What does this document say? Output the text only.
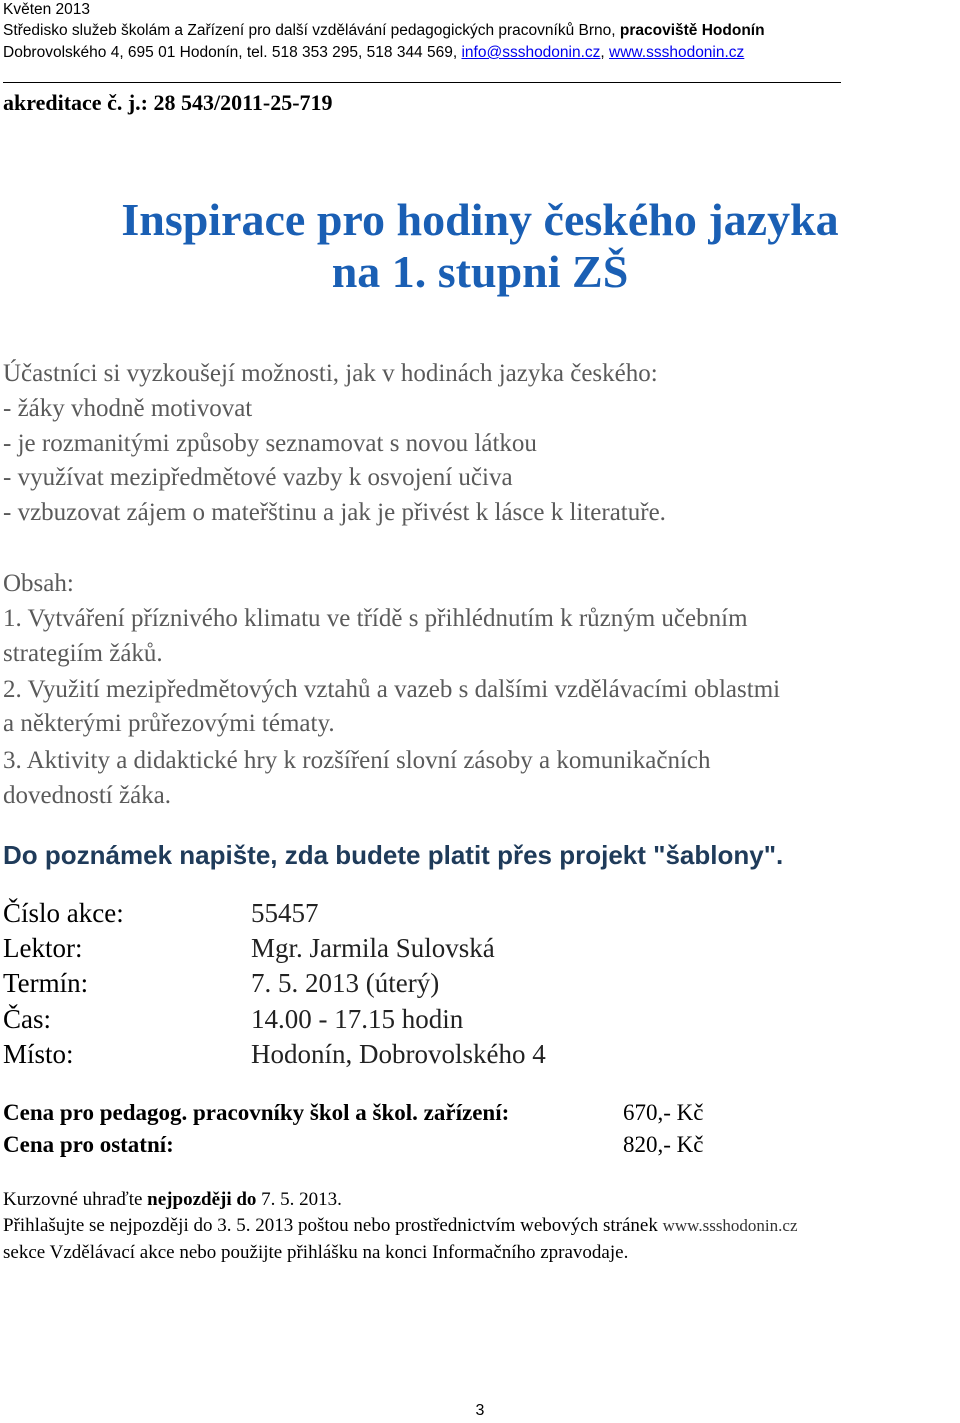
Květen 2013
Středisko služeb školám a Zařízení pro další vzdělávání pedagogických pracovníků Brno, pracoviště Hodonín
Dobrovolského 4, 695 01 Hodonín, tel. 518 353 295, 518 344 569, info@ssshodonin.cz, www.ssshodonin.cz
akreditace č. j.: 28 543/2011-25-719
Inspirace pro hodiny českého jazyka
na 1. stupni ZŠ
Účastníci si vyzkoušejí možnosti, jak v hodinách jazyka českého:
- žáky vhodně motivovat
- je rozmanitými způsoby seznamovat s novou látkou
- využívat mezipředmětové vazby k osvojení učiva
- vzbuzovat zájem o mateřštinu a jak je přivést k lásce k literatuře.
Obsah:
1. Vytváření příznivého klimatu ve třídě s přihlédnutím k různým učebním
strategiím žáků.
2. Využití mezipředmětových vztahů a vazeb s dalšími vzdělávacími oblastmi
a některými průřezovými tématy.
3. Aktivity a didaktické hry k rozšíření slovní zásoby a komunikačních
dovedností žáka.
Do poznámek napište, zda budete platit přes projekt "šablony".
Číslo akce:	55457
Lektor:	Mgr. Jarmila Sulovská
Termín:	7. 5. 2013 (úterý)
Čas:	14.00 - 17.15 hodin
Místo:	Hodonín, Dobrovolského 4
Cena pro pedagog. pracovníky škol a škol. zařízení:	670,- Kč
Cena pro ostatní:	820,- Kč
Kurzovné uhraďte nejpozději do 7. 5. 2013.
Přihlašujte se nejpozději do 3. 5. 2013 poštou nebo prostřednictvím webových stránek www.ssshodonin.cz
sekce Vzdělávací akce nebo použijte přihlášku na konci Informačního zpravodaje.
3
